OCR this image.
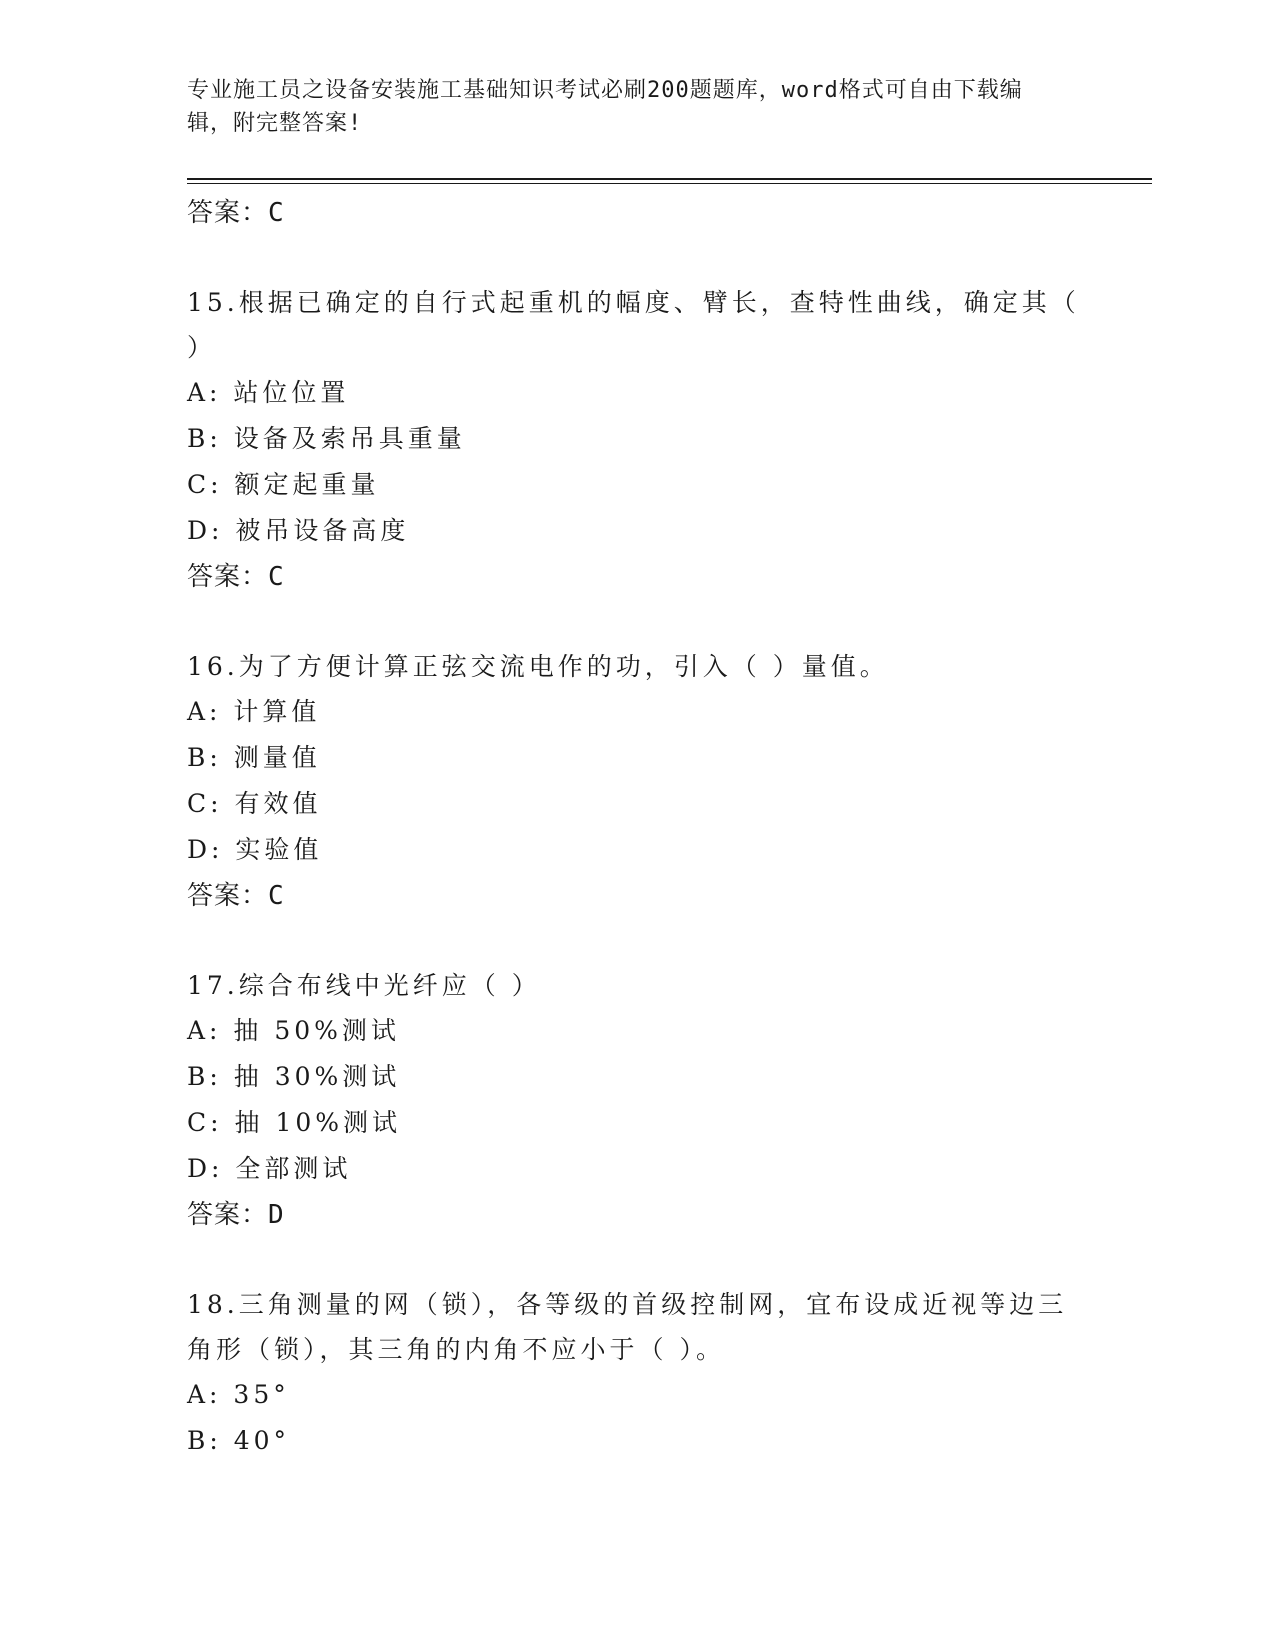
专业施工员之设备安装施工基础知识考试必刷200题题库，word格式可自由下载编辑，附完整答案!
答案：C
15.根据已确定的自行式起重机的幅度、臂长，查特性曲线，确定其（ ）
A: 站位位置
B: 设备及索吊具重量
C: 额定起重量
D: 被吊设备高度
答案：C
16.为了方便计算正弦交流电作的功，引入（ ）量值。
A: 计算值
B: 测量值
C: 有效值
D: 实验值
答案：C
17.综合布线中光纤应（ ）
A: 抽 50%测试
B: 抽 30%测试
C: 抽 10%测试
D: 全部测试
答案：D
18.三角测量的网（锁），各等级的首级控制网，宜布设成近视等边三角形（锁），其三角的内角不应小于（ ）。
A: 35°
B: 40°
